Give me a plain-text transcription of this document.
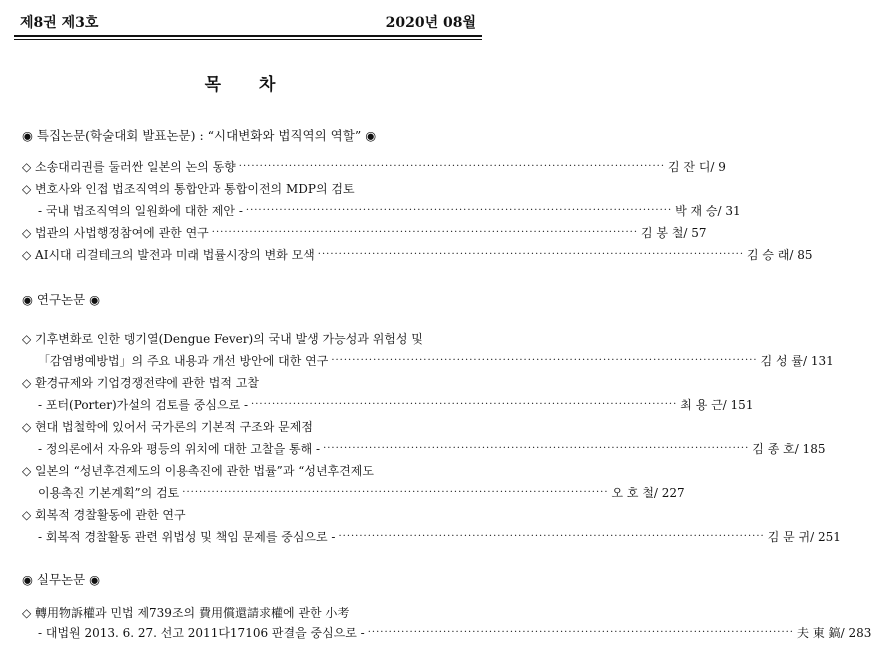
제8권 제3호	2020년 08월
목 차
◉ 특집논문(학술대회 발표논문) : “시대변화와 법직역의 역할” ◉
◇ 소송대리권를 둘러싼 일본의 논의 동향 ·····	김 잔 디/ 9
◇ 변호사와 인접 법조직역의 통합안과 통합이전의 MDP의 검토
- 국내 법조직역의 일원화에 대한 제안 - ·····	박 재 승/ 31
◇ 법관의 사법행정참여에 관한 연구 ·····	김 봉 철/ 57
◇ AI시대 리걸테크의 발전과 미래 법률시장의 변화 모색 ·····	김 승 래/ 85
◉ 연구논문 ◉
◇ 기후변화로 인한 뎅기열(Dengue Fever)의 국내 발생 가능성과 위험성 및
「감염병예방법」의 주요 내용과 개선 방안에 대한 연구 ·····	김 성 률/ 131
◇ 환경규제와 기업경쟁전략에 관한 법적 고찰
- 포터(Porter)가설의 검토를 중심으로 - ·····	최 용 근/ 151
◇ 현대 법철학에 있어서 국가론의 기본적 구조와 문제점
- 정의론에서 자유와 평등의 위치에 대한 고찰을 통해 - ·····	김 종 호/ 185
◇ 일본의 “성년후견제도의 이용촉진에 관한 법률”과 “성년후견제도
이용촉진 기본계획”의 검토 ·····	오 호 철/ 227
◇ 회복적 경찰활동에 관한 연구
- 회복적 경찰활동 관련 위법성 및 책임 문제를 중심으로 - ·····	김 문 귀/ 251
◉ 실무논문 ◉
◇ 轉用物訴權과 민법 제739조의 費用償還請求權에 관한 小考
- 대법원 2013. 6. 27. 선고 2011다17106 판결을 중심으로 - ·····	夫 東 鎬/ 283
